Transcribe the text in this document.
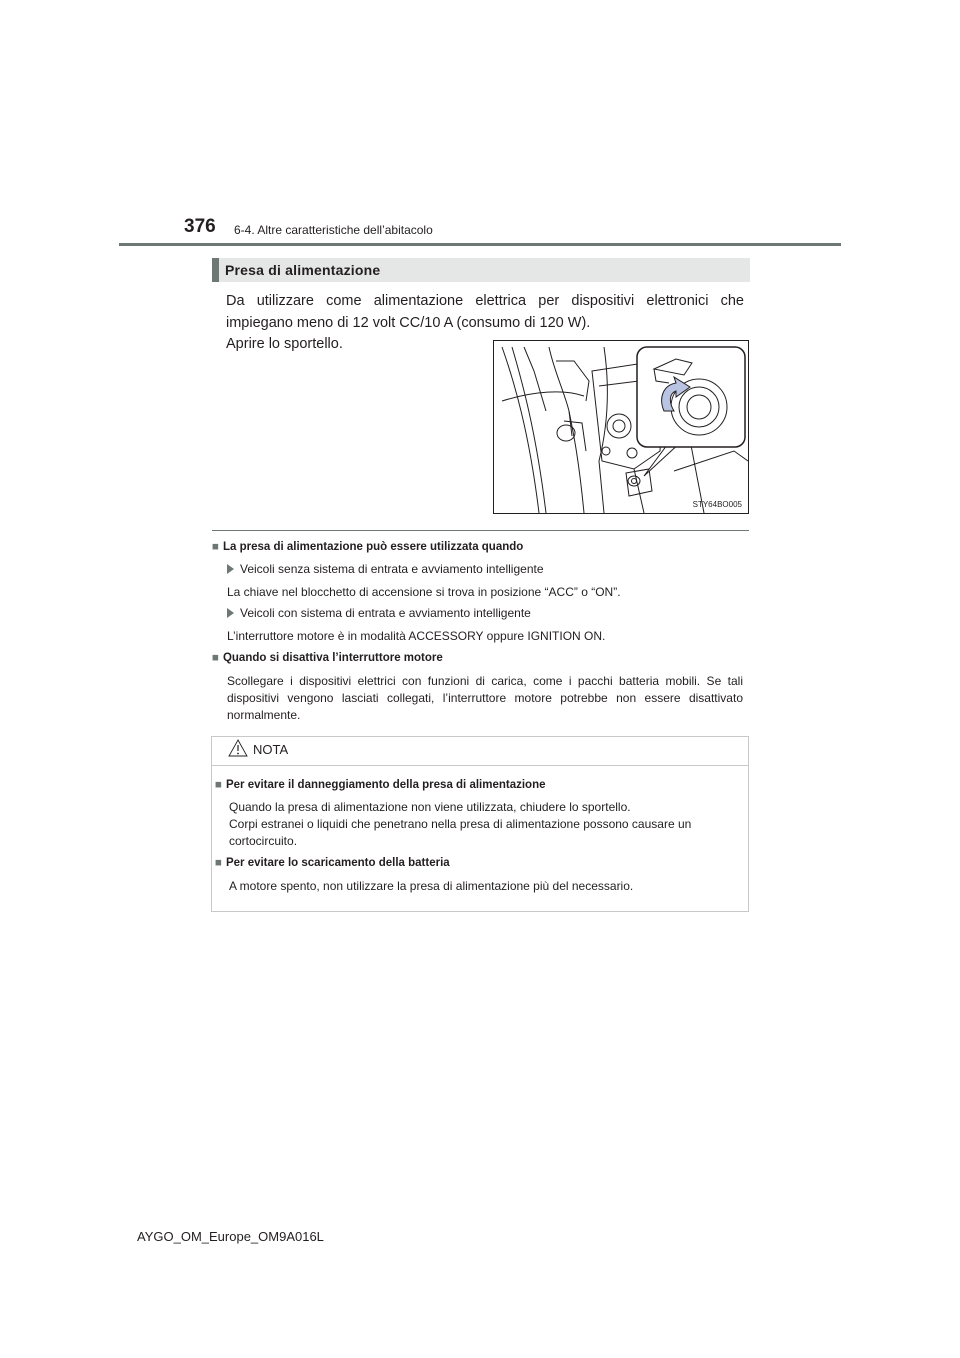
376 6-4. Altre caratteristiche dell’abitacolo
Presa di alimentazione
Da utilizzare come alimentazione elettrica per dispositivi elettronici che impiegano meno di 12 volt CC/10 A (consumo di 120 W).
Aprire lo sportello.
STY64BO005
■ La presa di alimentazione può essere utilizzata quando
Veicoli senza sistema di entrata e avviamento intelligente
La chiave nel blocchetto di accensione si trova in posizione “ACC” o “ON”.
Veicoli con sistema di entrata e avviamento intelligente
L’interruttore motore è in modalità ACCESSORY oppure IGNITION ON.
■ Quando si disattiva l’interruttore motore
Scollegare i dispositivi elettrici con funzioni di carica, come i pacchi batteria mobili. Se tali dispositivi vengono lasciati collegati, l’interruttore motore potrebbe non essere disattivato normalmente.
NOTA
■ Per evitare il danneggiamento della presa di alimentazione
Quando la presa di alimentazione non viene utilizzata, chiudere lo sportello.
Corpi estranei o liquidi che penetrano nella presa di alimentazione possono causare un cortocircuito.
■ Per evitare lo scaricamento della batteria
A motore spento, non utilizzare la presa di alimentazione più del necessario.
AYGO_OM_Europe_OM9A016L
